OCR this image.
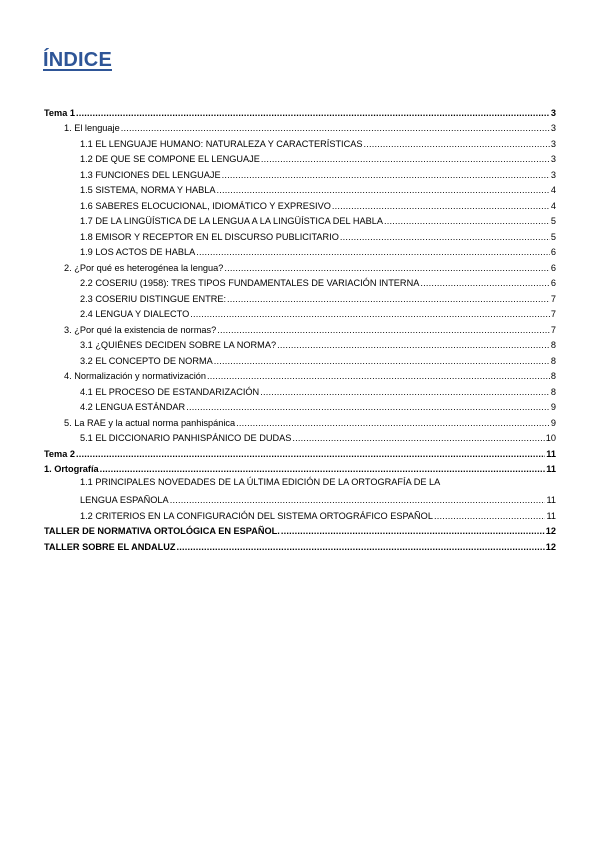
ÍNDICE
Tema 1 .....	3
1. El lenguaje .....	3
1.1 EL LENGUAJE HUMANO: NATURALEZA Y CARACTERÍSTICAS .....	3
1.2 DE QUE SE COMPONE EL LENGUAJE .....	3
1.3 FUNCIONES DEL LENGUAJE .....	3
1.5 SISTEMA, NORMA Y HABLA .....	4
1.6 SABERES ELOCUCIONAL, IDIOMÁTICO Y EXPRESIVO .....	4
1.7 DE LA LINGÜÍSTICA DE LA LENGUA A LA LINGÜÍSTICA DEL HABLA .....	5
1.8 EMISOR Y RECEPTOR EN EL DISCURSO PUBLICITARIO .....	5
1.9 LOS ACTOS DE HABLA .....	6
2. ¿Por qué es heterogénea la lengua? .....	6
2.2 COSERIU (1958): TRES TIPOS FUNDAMENTALES DE VARIACIÓN INTERNA .....	6
2.3 COSERIU DISTINGUE ENTRE: .....	7
2.4 LENGUA Y DIALECTO .....	7
3. ¿Por qué la existencia de normas? .....	7
3.1 ¿QUIÉNES DECIDEN SOBRE LA NORMA? .....	8
3.2 EL CONCEPTO DE NORMA .....	8
4. Normalización y normativización .....	8
4.1 EL PROCESO DE ESTANDARIZACIÓN .....	8
4.2 LENGUA ESTÁNDAR .....	9
5. La RAE y la actual norma panhispánica .....	9
5.1 EL DICCIONARIO PANHISPÁNICO DE DUDAS .....	10
Tema 2 .....	11
1. Ortografía .....	11
1.1 PRINCIPALES NOVEDADES DE LA ÚLTIMA EDICIÓN DE LA ORTOGRAFÍA DE LA
LENGUA ESPAÑOLA .....	11
1.2 CRITERIOS EN LA CONFIGURACIÓN DEL SISTEMA ORTOGRÁFICO ESPAÑOL .....	11
TALLER DE NORMATIVA ORTOLÓGICA EN ESPAÑOL. .....	12
TALLER SOBRE EL ANDALUZ .....	12
